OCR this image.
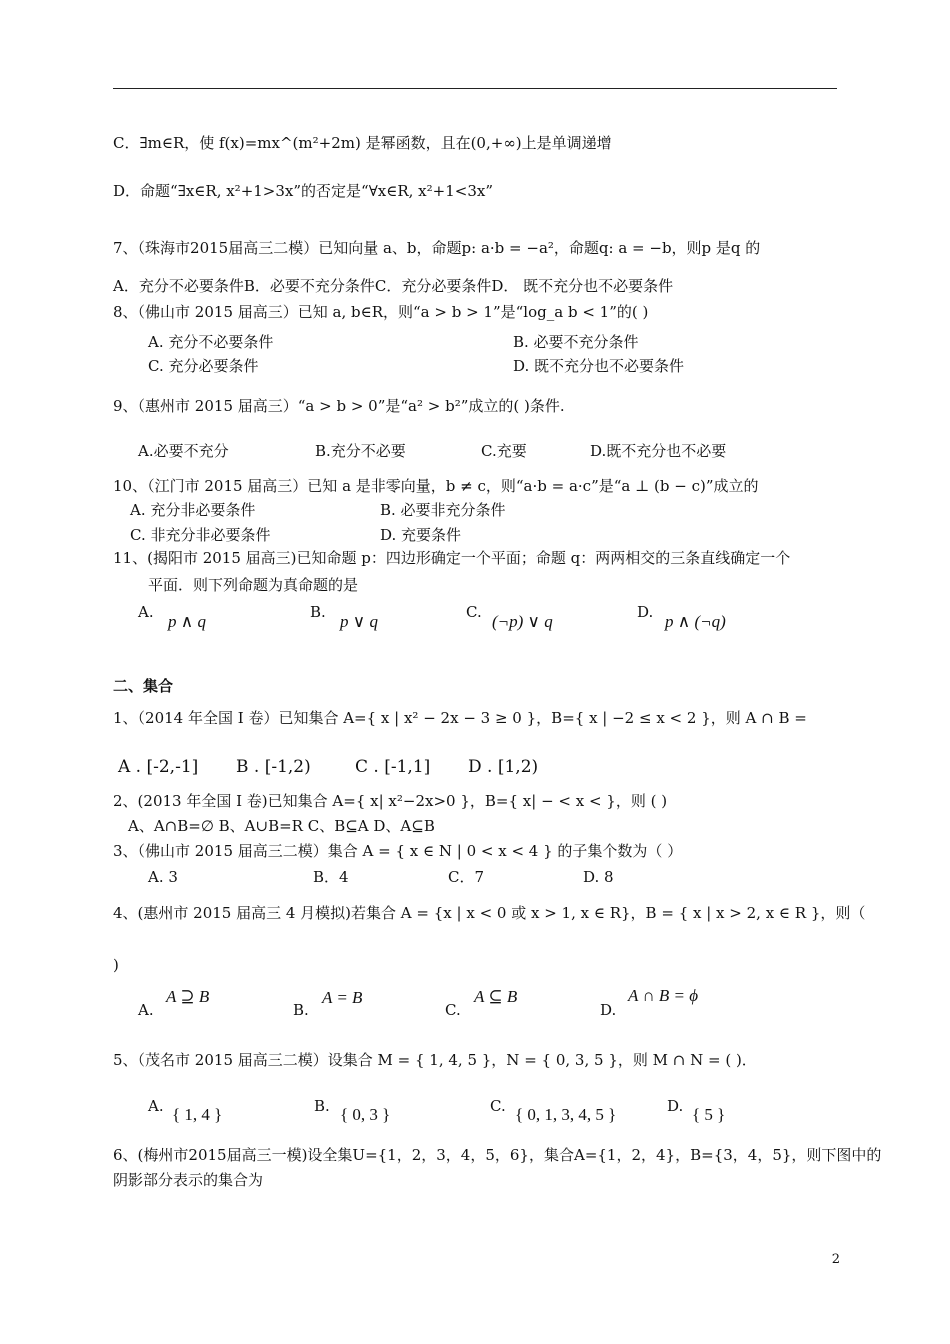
C．∃m∈R，使 f(x)=mx^(m²+2m) 是幂函数，且在(0,+∞)上是单调递增
D．命题“∃x∈R, x²+1>3x”的否定是“∀x∈R, x²+1<3x”
7、（珠海市2015届高三二模）已知向量 a、b，命题p: a·b = −a²，命题q: a = −b，则p 是q 的
A．充分不必要条件B．必要不充分条件C．充分必要条件D． 既不充分也不必要条件
8、（佛山市 2015 届高三）已知 a, b∈R，则“a > b > 1”是“log_a b < 1”的( )
A. 充分不必要条件	B. 必要不充分条件
C. 充分必要条件	D. 既不充分也不必要条件
9、（惠州市 2015 届高三）“a > b > 0”是“a² > b²”成立的( )条件.
A.必要不充分	B.充分不必要	C.充要	D.既不充分也不必要
10、（江门市 2015 届高三）已知 a 是非零向量，b ≠ c，则“a·b = a·c”是“a ⊥ (b − c)”成立的
A. 充分非必要条件	B. 必要非充分条件
C. 非充分非必要条件	D. 充要条件
11、(揭阳市 2015 届高三)已知命题 p：四边形确定一个平面；命题 q：两两相交的三条直线确定一个
平面．则下列命题为真命题的是
A. p ∧ q	B. p ∨ q	C. (¬p) ∨ q	D. p ∧ (¬q)
二、集合
1、（2014 年全国 I 卷）已知集合 A={ x | x² − 2x − 3 ≥ 0 }，B={ x | −2 ≤ x < 2 }，则 A ∩ B =
A . [-2,-1] B . [-1,2)	C . [-1,1] D . [1,2)
2、(2013 年全国 I 卷)已知集合 A={ x| x²−2x>0 }，B={ x| − < x < }，则 ( )
A、A∩B=∅ B、A∪B=R C、B⊆A D、A⊆B
3、（佛山市 2015 届高三二模）集合 A = { x ∈ N | 0 < x < 4 } 的子集个数为（ ）
A. 3	B．4	C．7	D. 8
4、(惠州市 2015 届高三 4 月模拟)若集合 A = {x | x < 0 或 x > 1, x ∈ R}，B = { x | x > 2, x ∈ R }，则（
)
A.
A ⊇ B
B.
A = B
C.
A ⊆ B
D.
A ∩ B = ϕ
5、（茂名市 2015 届高三二模）设集合 M = { 1, 4, 5 }，N = { 0, 3, 5 }，则 M ∩ N = ( )．
A. { 1, 4 }	B. { 0, 3 }	C. { 0, 1, 3, 4, 5 }	D. { 5 }
6、(梅州市2015届高三一模)设全集U={1，2，3，4，5，6}，集合A={1，2，4}，B={3，4，5}，则下图中的
阴影部分表示的集合为
2
